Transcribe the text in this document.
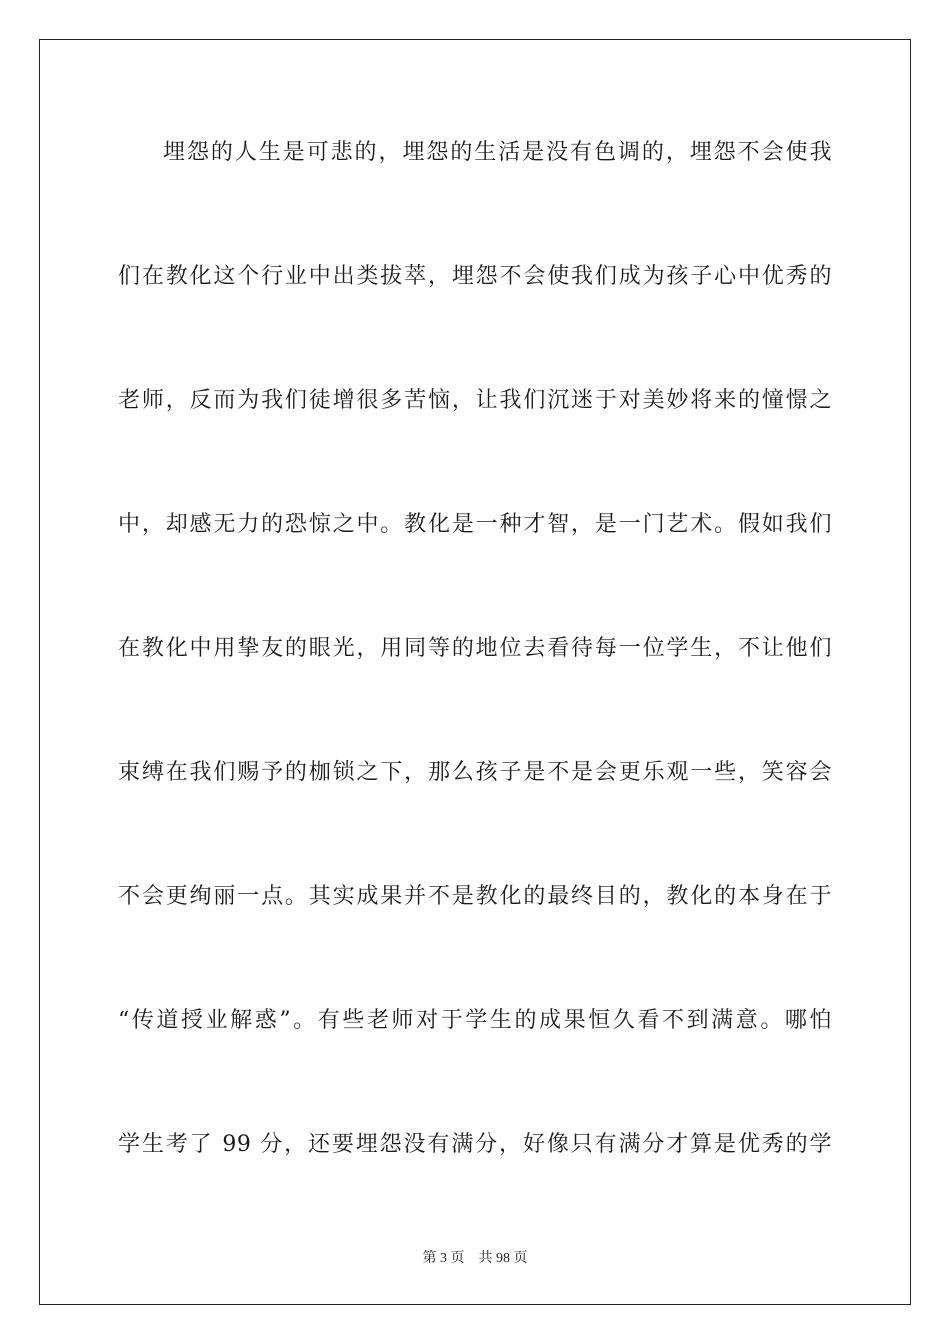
埋怨的人生是可悲的，埋怨的生活是没有色调的，埋怨不会使我
们在教化这个行业中出类拔萃，埋怨不会使我们成为孩子心中优秀的
老师，反而为我们徒增很多苦恼，让我们沉迷于对美妙将来的憧憬之
中，却感无力的恐惊之中。教化是一种才智，是一门艺术。假如我们
在教化中用挚友的眼光，用同等的地位去看待每一位学生，不让他们
束缚在我们赐予的枷锁之下，那么孩子是不是会更乐观一些，笑容会
不会更绚丽一点。其实成果并不是教化的最终目的，教化的本身在于
“传道授业解惑”。有些老师对于学生的成果恒久看不到满意。哪怕
学生考了 99 分，还要埋怨没有满分，好像只有满分才算是优秀的学
第 3 页 共 98 页
